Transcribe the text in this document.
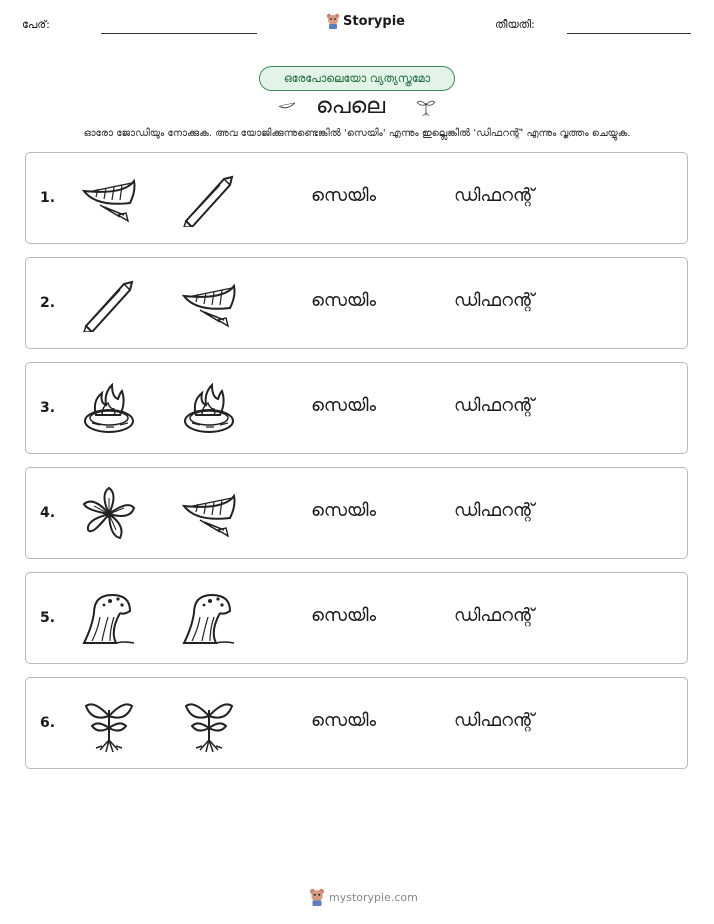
പേര്:	Storypie	തീയതി:
ഒരേപോലെയോ വ്യത്യസ്തമോ
പെലെ
ഓരോ ജോഡിയും നോക്കുക. അവ യോജിക്കുന്നുണ്ടെങ്കിൽ 'സെയിം' എന്നും ഇല്ലെങ്കിൽ 'ഡിഫറന്റ്' എന്നും വൃത്തം ചെയ്യുക.
1.	സെയിം	ഡിഫറന്റ്
2.	സെയിം	ഡിഫറന്റ്
3.	സെയിം	ഡിഫറന്റ്
4.	സെയിം	ഡിഫറന്റ്
5.	സെയിം	ഡിഫറന്റ്
6.	സെയിം	ഡിഫറന്റ്
mystorypie.com
